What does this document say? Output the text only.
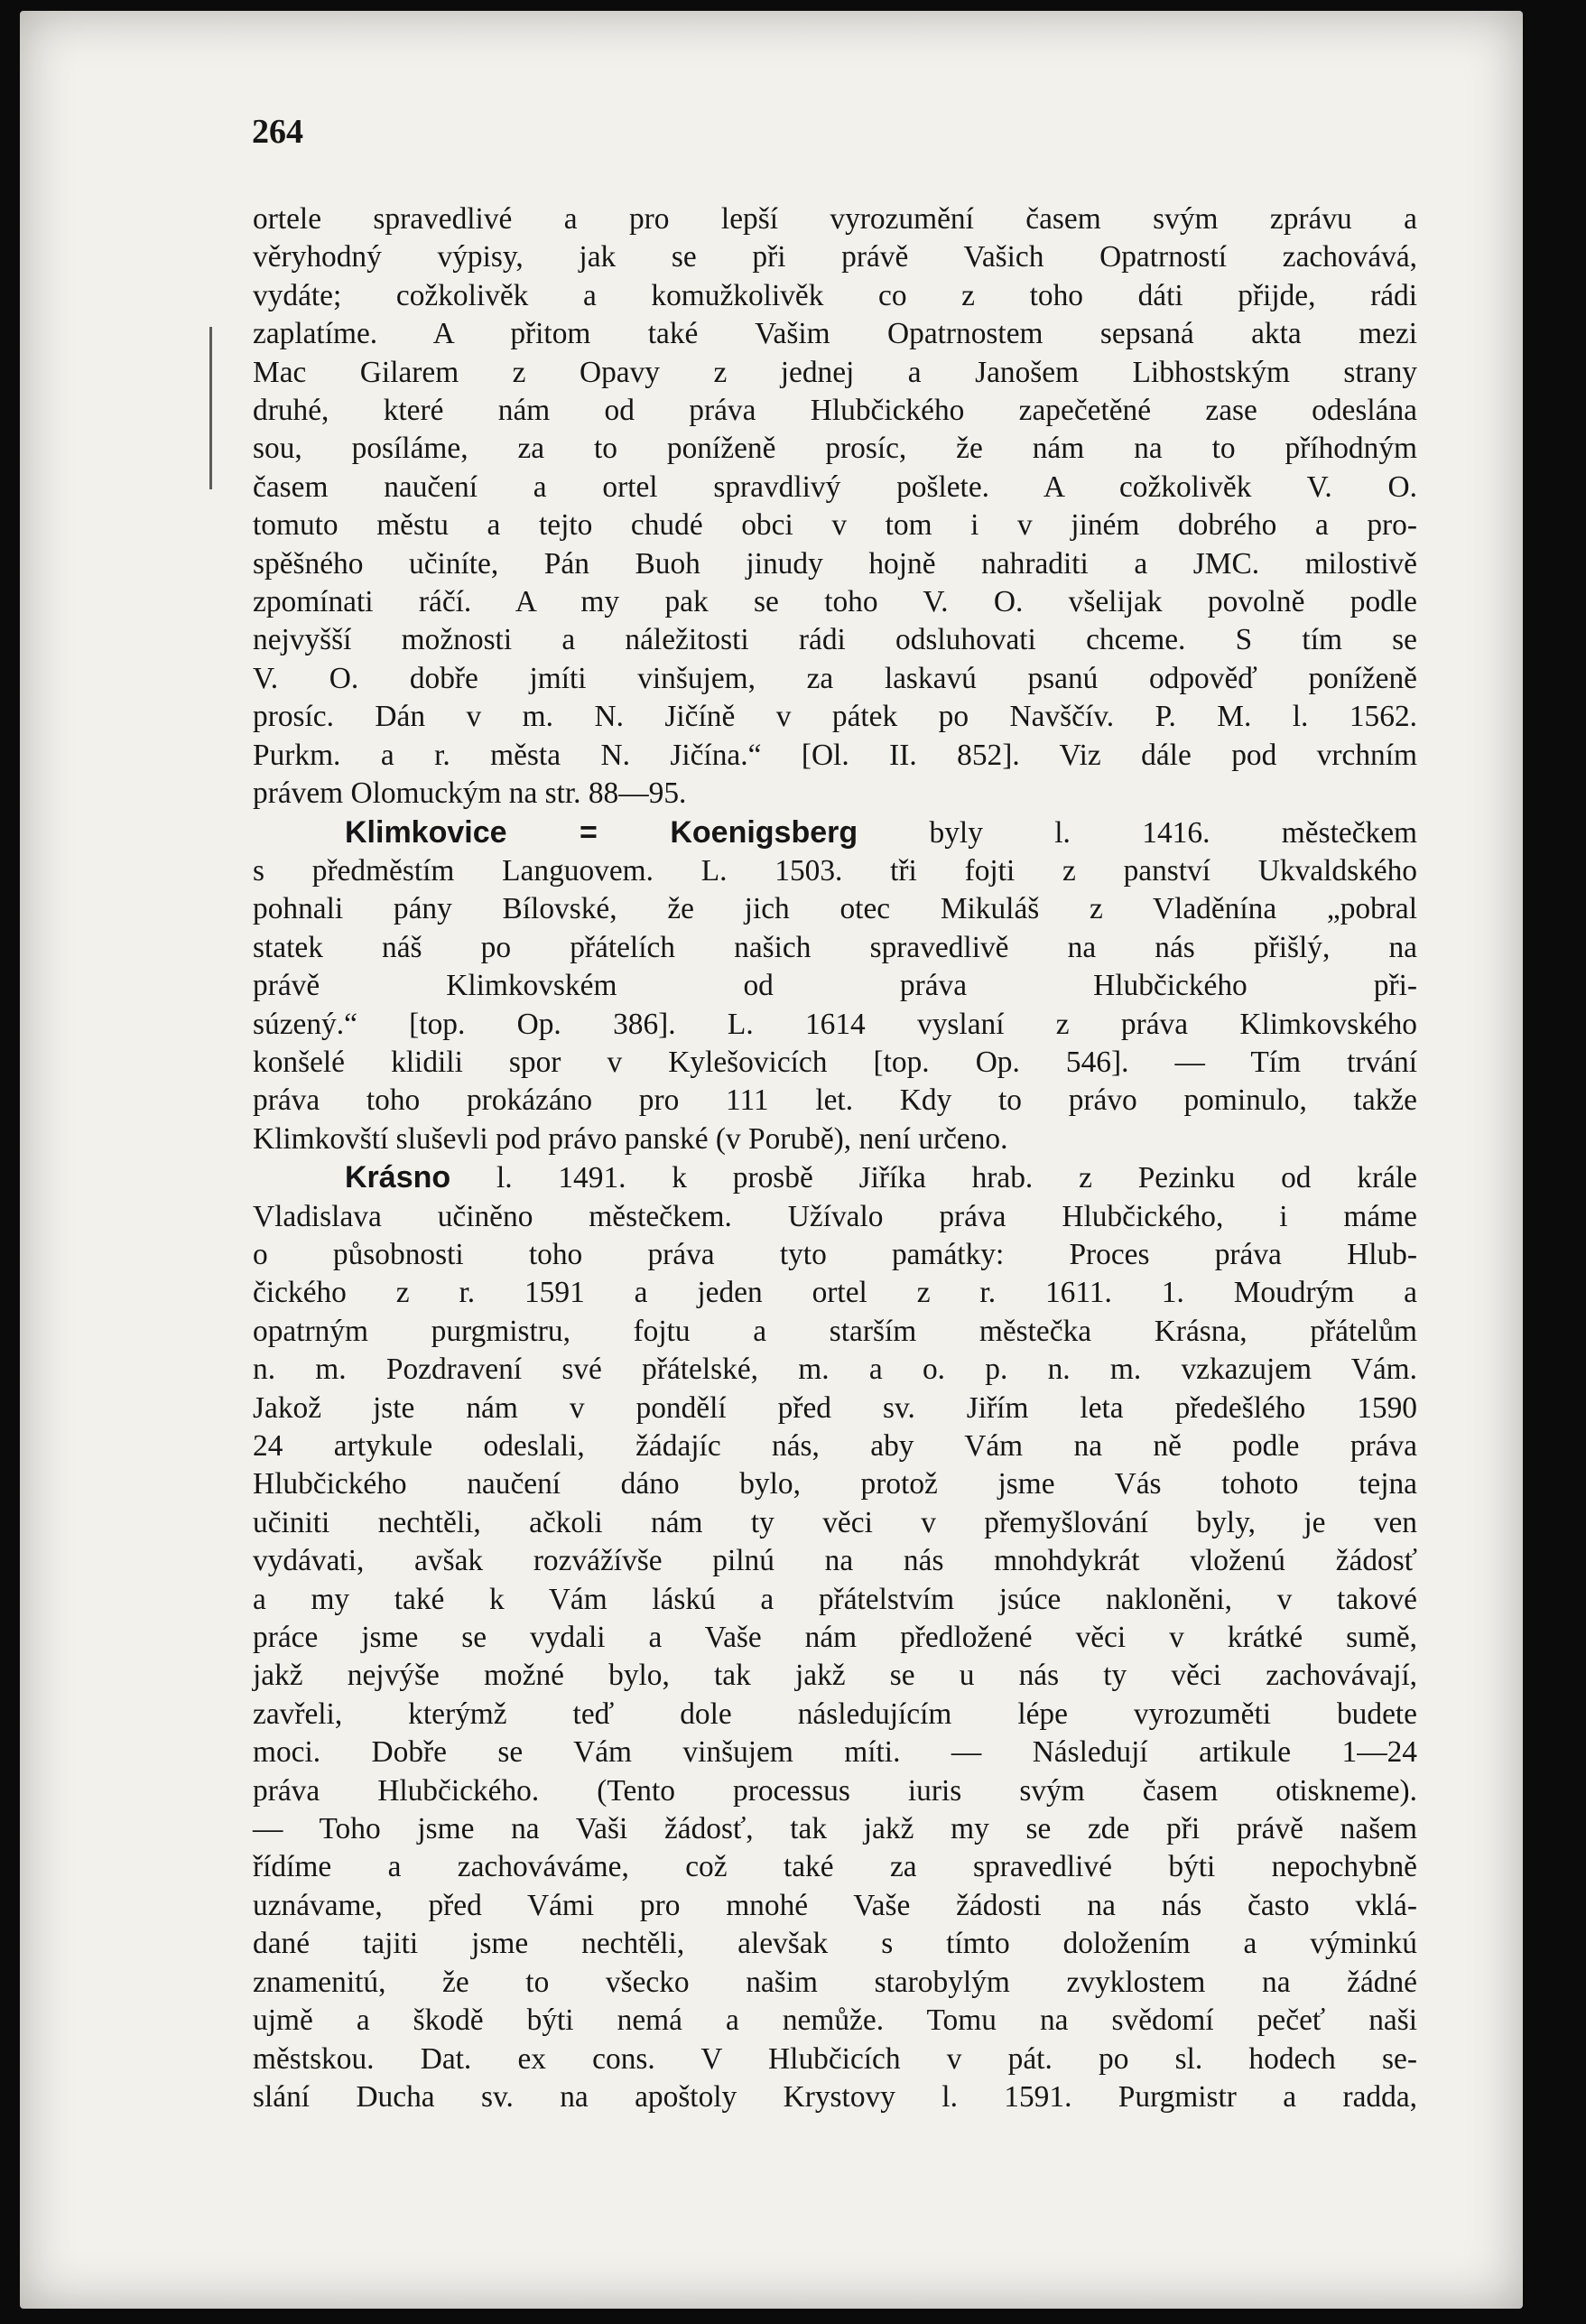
264
ortele spravedlivé a pro lepší vyrozumění časem svým zprávu a
věryhodný výpisy, jak se při právě Vašich Opatrností zachovává,
vydáte; cožkolivěk a komužkolivěk co z toho dáti přijde, rádi
zaplatíme. A přitom také Vašim Opatrnostem sepsaná akta mezi
Mac Gilarem z Opavy z jednej a Janošem Libhostským strany
druhé, které nám od práva Hlubčického zapečetěné zase odeslána
sou, posíláme, za to poníženě prosíc, že nám na to příhodným
časem naučení a ortel spravdlivý pošlete. A cožkolivěk V. O.
tomuto městu a tejto chudé obci v tom i v jiném dobrého a pro-
spěšného učiníte, Pán Buoh jinudy hojně nahraditi a JMC. milostivě
zpomínati ráčí. A my pak se toho V. O. všelijak povolně podle
nejvyšší možnosti a náležitosti rádi odsluhovati chceme. S tím se
V. O. dobře jmíti vinšujem, za laskavú psanú odpověď poníženě
prosíc. Dán v m. N. Jičíně v pátek po Navščív. P. M. l. 1562.
Purkm. a r. města N. Jičína.“ [Ol. II. 852]. Viz dále pod vrchním
právem Olomuckým na str. 88—95.
Klimkovice = Koenigsberg byly l. 1416. městečkem
s předměstím Languovem. L. 1503. tři fojti z panství Ukvaldského
pohnali pány Bílovské, že jich otec Mikuláš z Vladěnína „pobral
statek náš po přátelích našich spravedlivě na nás přišlý, na
právě Klimkovském od práva Hlubčického při-
súzený.“ [top. Op. 386]. L. 1614 vyslaní z práva Klimkovského
konšelé klidili spor v Kylešovicích [top. Op. 546]. — Tím trvání
práva toho prokázáno pro 111 let. Kdy to právo pominulo, takže
Klimkovští sluševli pod právo panské (v Porubě), není určeno.
Krásno l. 1491. k prosbě Jiříka hrab. z Pezinku od krále
Vladislava učiněno městečkem. Užívalo práva Hlubčického, i máme
o působnosti toho práva tyto památky: Proces práva Hlub-
čického z r. 1591 a jeden ortel z r. 1611. 1. Moudrým a
opatrným purgmistru, fojtu a starším městečka Krásna, přátelům
n. m. Pozdravení své přátelské, m. a o. p. n. m. vzkazujem Vám.
Jakož jste nám v pondělí před sv. Jiřím leta předešlého 1590
24 artykule odeslali, žádajíc nás, aby Vám na ně podle práva
Hlubčického naučení dáno bylo, protož jsme Vás tohoto tejna
učiniti nechtěli, ačkoli nám ty věci v přemyšlování byly, je ven
vydávati, avšak rozvážívše pilnú na nás mnohdykrát vloženú žádosť
a my také k Vám láskú a přátelstvím jsúce nakloněni, v takové
práce jsme se vydali a Vaše nám předložené věci v krátké sumě,
jakž nejvýše možné bylo, tak jakž se u nás ty věci zachovávají,
zavřeli, kterýmž teď dole následujícím lépe vyrozuměti budete
moci. Dobře se Vám vinšujem míti. — Následují artikule 1—24
práva Hlubčického. (Tento processus iuris svým časem otiskneme).
— Toho jsme na Vaši žádosť, tak jakž my se zde při právě našem
řídíme a zachováváme, což také za spravedlivé býti nepochybně
uznávame, před Vámi pro mnohé Vaše žádosti na nás často vklá-
dané tajiti jsme nechtěli, alevšak s tímto doložením a výminkú
znamenitú, že to všecko našim starobylým zvyklostem na žádné
ujmě a škodě býti nemá a nemůže. Tomu na svědomí pečeť naši
městskou. Dat. ex cons. V Hlubčicích v pát. po sl. hodech se-
slání Ducha sv. na apoštoly Krystovy l. 1591. Purgmistr a radda,
